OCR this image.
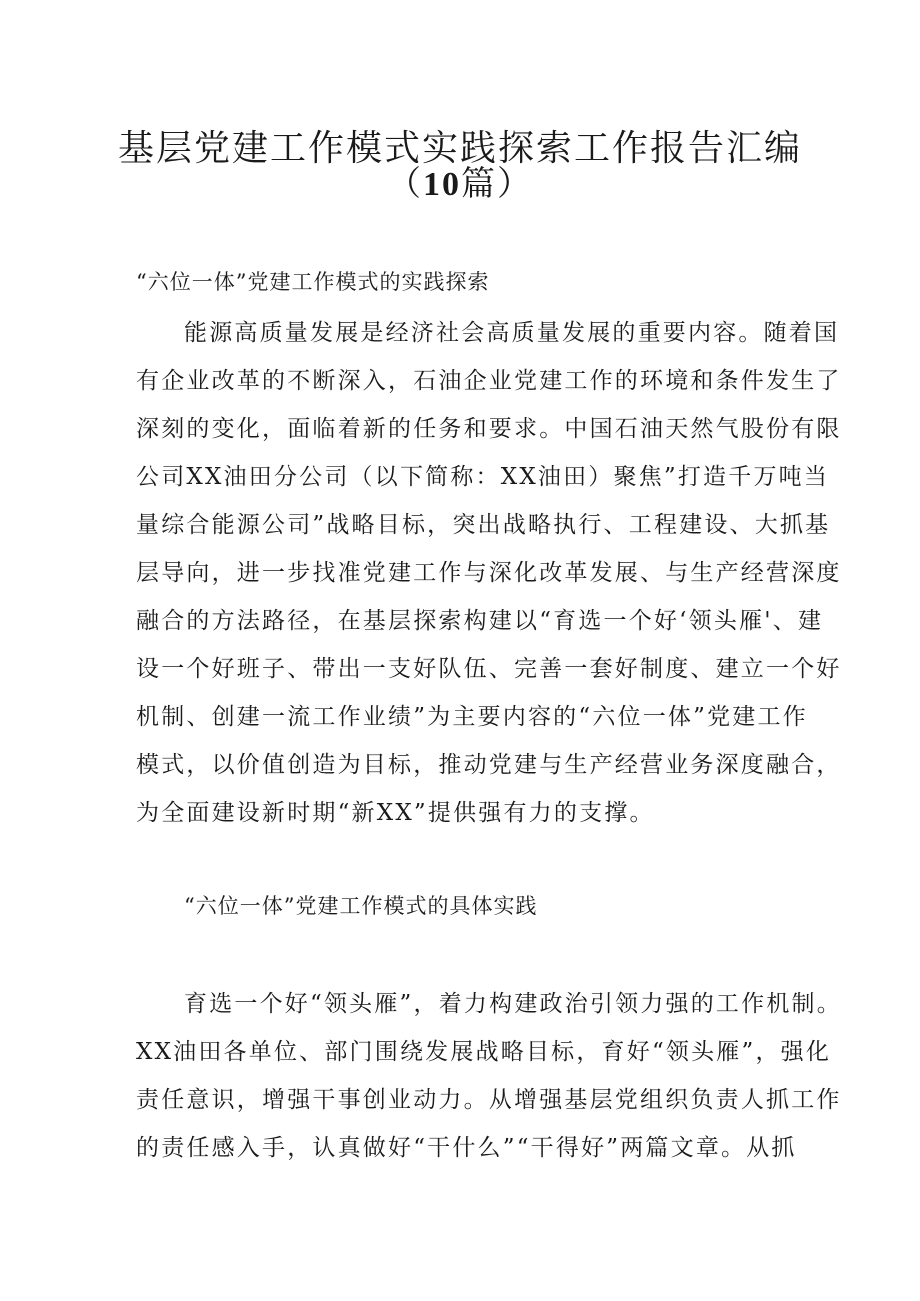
基层党建工作模式实践探索工作报告汇编
（10篇）
“六位一体”党建工作模式的实践探索
能源高质量发展是经济社会高质量发展的重要内容。随着国
有企业改革的不断深入，石油企业党建工作的环境和条件发生了
深刻的变化，面临着新的任务和要求。中国石油天然气股份有限
公司XX油田分公司（以下简称：XX油田）聚焦”打造千万吨当
量综合能源公司”战略目标，突出战略执行、工程建设、大抓基
层导向，进一步找准党建工作与深化改革发展、与生产经营深度
融合的方法路径，在基层探索构建以“育选一个好‘领头雁'、建
设一个好班子、带出一支好队伍、完善一套好制度、建立一个好
机制、创建一流工作业绩”为主要内容的“六位一体”党建工作
模式，以价值创造为目标，推动党建与生产经营业务深度融合，
为全面建设新时期“新XX”提供强有力的支撑。
“六位一体”党建工作模式的具体实践
育选一个好“领头雁”，着力构建政治引领力强的工作机制。
XX油田各单位、部门围绕发展战略目标，育好“领头雁”，强化
责任意识，增强干事创业动力。从增强基层党组织负责人抓工作
的责任感入手，认真做好“干什么”“干得好”两篇文章。从抓
